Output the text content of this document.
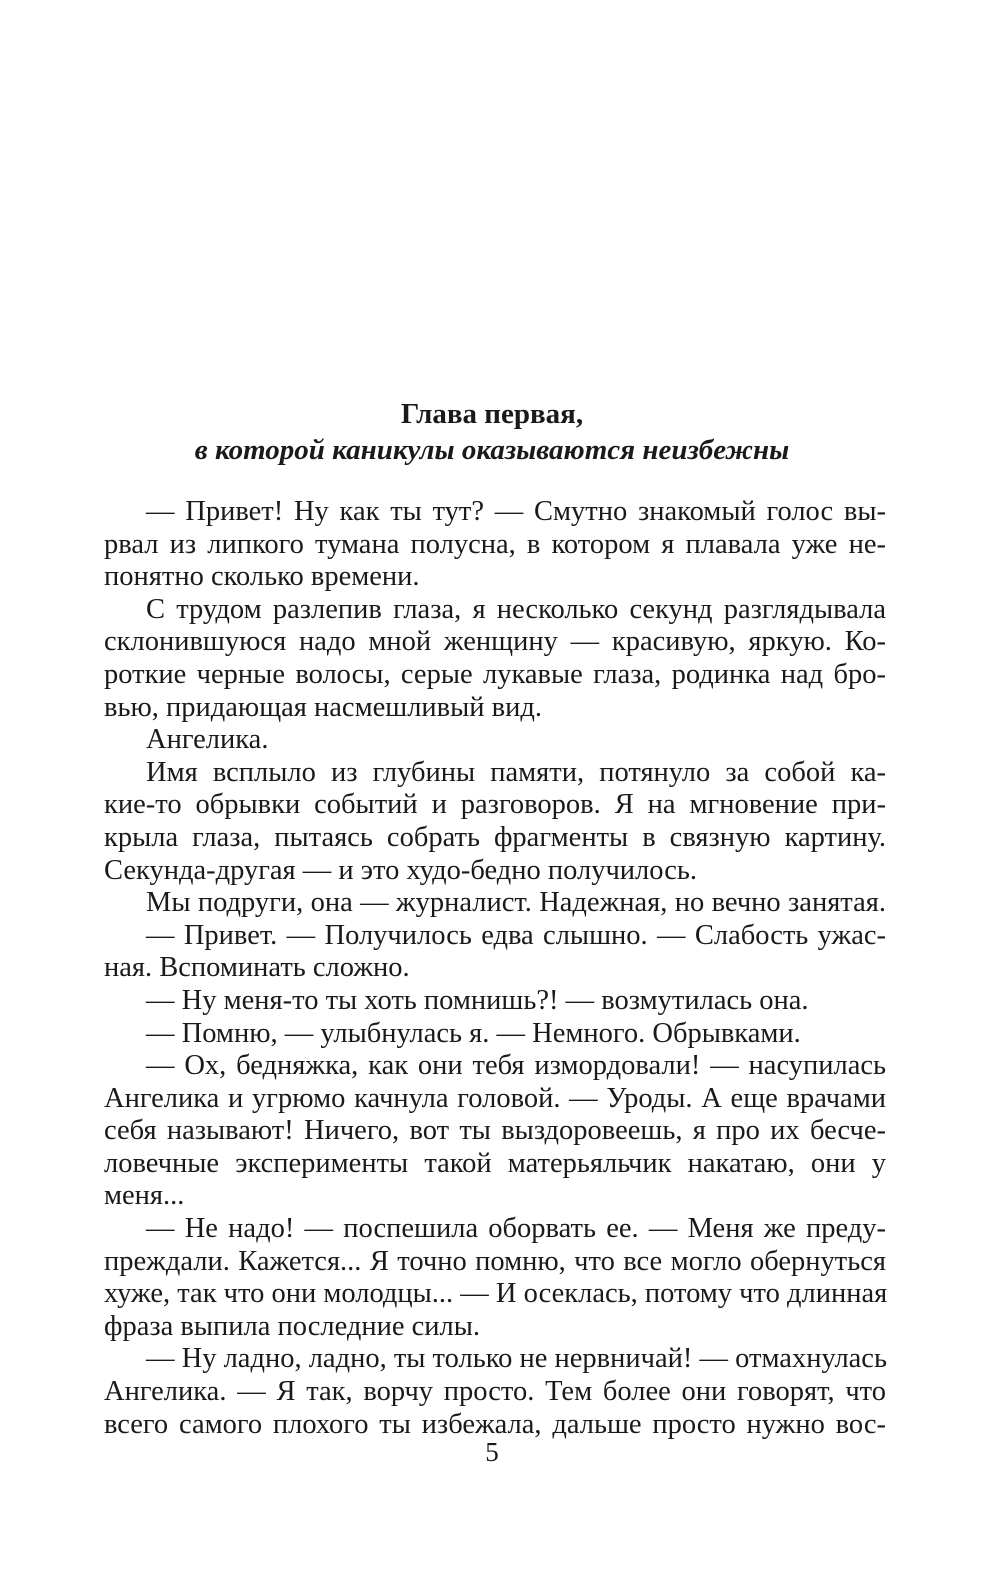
Глава первая,
в которой каникулы оказываются неизбежны
— Привет! Ну как ты тут? — Смутно знакомый голос вы-
рвал из липкого тумана полусна, в котором я плавала уже не-
понятно сколько времени.
С трудом разлепив глаза, я несколько секунд разглядывала
склонившуюся надо мной женщину — красивую, яркую. Ко-
роткие черные волосы, серые лукавые глаза, родинка над бро-
вью, придающая насмешливый вид.
Ангелика.
Имя всплыло из глубины памяти, потянуло за собой ка-
кие-то обрывки событий и разговоров. Я на мгновение при-
крыла глаза, пытаясь собрать фрагменты в связную картину.
Секунда-другая — и это худо-бедно получилось.
Мы подруги, она — журналист. Надежная, но вечно занятая.
— Привет. — Получилось едва слышно. — Слабость ужас-
ная. Вспоминать сложно.
— Ну меня-то ты хоть помнишь?! — возмутилась она.
— Помню, — улыбнулась я. — Немного. Обрывками.
— Ох, бедняжка, как они тебя измордовали! — насупилась
Ангелика и угрюмо качнула головой. — Уроды. А еще врачами
себя называют! Ничего, вот ты выздоровеешь, я про их бесче-
ловечные эксперименты такой матерьяльчик накатаю, они у
меня...
— Не надо! — поспешила оборвать ее. — Меня же преду-
преждали. Кажется... Я точно помню, что все могло обернуться
хуже, так что они молодцы... — И осеклась, потому что длинная
фраза выпила последние силы.
— Ну ладно, ладно, ты только не нервничай! — отмахнулась
Ангелика. — Я так, ворчу просто. Тем более они говорят, что
всего самого плохого ты избежала, дальше просто нужно вос-
5
